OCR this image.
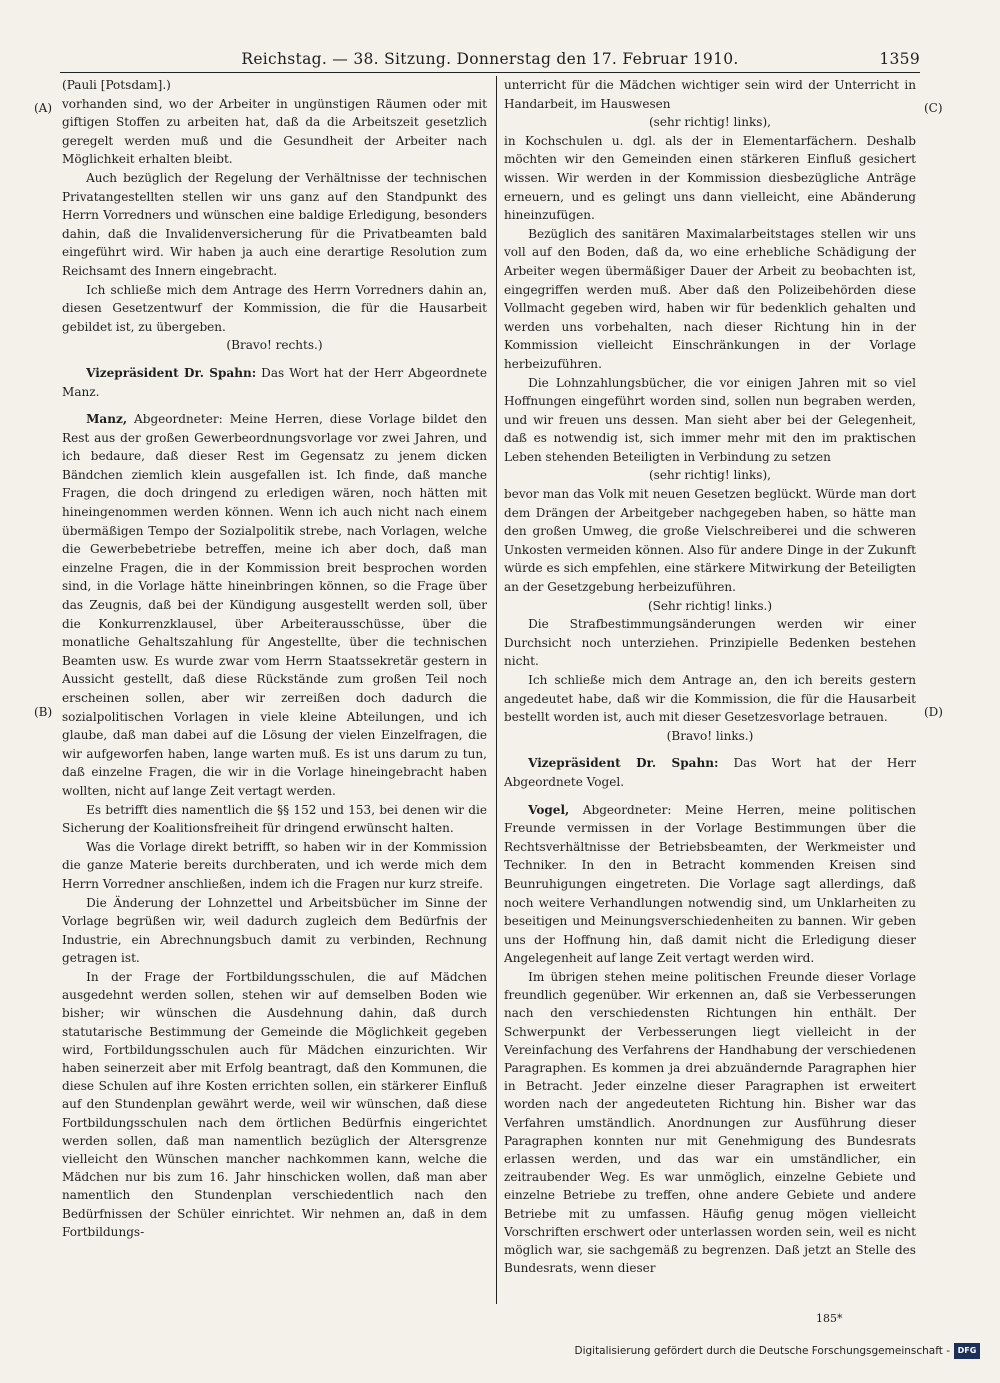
Reichstag. — 38. Sitzung. Donnerstag den 17. Februar 1910.	1359
(A)
(B)
(C)
(D)

(Pauli [Potsdam].)

vorhanden sind, wo der Arbeiter in ungünstigen Räumen oder mit giftigen Stoffen zu arbeiten hat, daß da die Arbeitszeit gesetzlich geregelt werden muß und die Gesundheit der Arbeiter nach Möglichkeit erhalten bleibt.

Auch bezüglich der Regelung der Verhältnisse der technischen Privatangestellten stellen wir uns ganz auf den Standpunkt des Herrn Vorredners und wünschen eine baldige Erledigung, besonders dahin, daß die Invalidenversicherung für die Privatbeamten bald eingeführt wird. Wir haben ja auch eine derartige Resolution zum Reichsamt des Innern eingebracht.

Ich schließe mich dem Antrage des Herrn Vorredners dahin an, diesen Gesetzentwurf der Kommission, die für die Hausarbeit gebildet ist, zu übergeben.

(Bravo! rechts.)

Vizepräsident Dr. Spahn: Das Wort hat der Herr Abgeordnete Manz.

Manz, Abgeordneter: Meine Herren, diese Vorlage bildet den Rest aus der großen Gewerbeordnungsvorlage vor zwei Jahren, und ich bedaure, daß dieser Rest im Gegensatz zu jenem dicken Bändchen ziemlich klein ausgefallen ist. Ich finde, daß manche Fragen, die doch dringend zu erledigen wären, noch hätten mit hineingenommen werden können. Wenn ich auch nicht nach einem übermäßigen Tempo der Sozialpolitik strebe, nach Vorlagen, welche die Gewerbebetriebe betreffen, meine ich aber doch, daß man einzelne Fragen, die in der Kommission breit besprochen worden sind, in die Vorlage hätte hineinbringen können, so die Frage über das Zeugnis, daß bei der Kündigung ausgestellt werden soll, über die Konkurrenzklausel, über Arbeiterausschüsse, über die monatliche Gehaltszahlung für Angestellte, über die technischen Beamten usw. Es wurde zwar vom Herrn Staatssekretär gestern in Aussicht gestellt, daß diese Rückstände zum großen Teil noch erscheinen sollen, aber wir zerreißen doch dadurch die sozialpolitischen Vorlagen in viele kleine Abteilungen, und ich glaube, daß man dabei auf die Lösung der vielen Einzelfragen, die wir aufgeworfen haben, lange warten muß. Es ist uns darum zu tun, daß einzelne Fragen, die wir in die Vorlage hineingebracht haben wollten, nicht auf lange Zeit vertagt werden.

Es betrifft dies namentlich die §§ 152 und 153, bei denen wir die Sicherung der Koalitionsfreiheit für dringend erwünscht halten.

Was die Vorlage direkt betrifft, so haben wir in der Kommission die ganze Materie bereits durchberaten, und ich werde mich dem Herrn Vorredner anschließen, indem ich die Fragen nur kurz streife.

Die Änderung der Lohnzettel und Arbeitsbücher im Sinne der Vorlage begrüßen wir, weil dadurch zugleich dem Bedürfnis der Industrie, ein Abrechnungsbuch damit zu verbinden, Rechnung getragen ist.

In der Frage der Fortbildungsschulen, die auf Mädchen ausgedehnt werden sollen, stehen wir auf demselben Boden wie bisher; wir wünschen die Ausdehnung dahin, daß durch statutarische Bestimmung der Gemeinde die Möglichkeit gegeben wird, Fortbildungsschulen auch für Mädchen einzurichten. Wir haben seinerzeit aber mit Erfolg beantragt, daß den Kommunen, die diese Schulen auf ihre Kosten errichten sollen, ein stärkerer Einfluß auf den Stundenplan gewährt werde, weil wir wünschen, daß diese Fortbildungsschulen nach dem örtlichen Bedürfnis eingerichtet werden sollen, daß man namentlich bezüglich der Altersgrenze vielleicht den Wünschen mancher nachkommen kann, welche die Mädchen nur bis zum 16. Jahr hinschicken wollen, daß man aber namentlich den Stundenplan verschiedentlich nach den Bedürfnissen der Schüler einrichtet. Wir nehmen an, daß in dem Fortbildungs-

unterricht für die Mädchen wichtiger sein wird der Unterricht in Handarbeit, im Hauswesen

(sehr richtig! links),

in Kochschulen u. dgl. als der in Elementarfächern. Deshalb möchten wir den Gemeinden einen stärkeren Einfluß gesichert wissen. Wir werden in der Kommission diesbezügliche Anträge erneuern, und es gelingt uns dann vielleicht, eine Abänderung hineinzufügen.

Bezüglich des sanitären Maximalarbeitstages stellen wir uns voll auf den Boden, daß da, wo eine erhebliche Schädigung der Arbeiter wegen übermäßiger Dauer der Arbeit zu beobachten ist, eingegriffen werden muß. Aber daß den Polizeibehörden diese Vollmacht gegeben wird, haben wir für bedenklich gehalten und werden uns vorbehalten, nach dieser Richtung hin in der Kommission vielleicht Einschränkungen in der Vorlage herbeizuführen.

Die Lohnzahlungsbücher, die vor einigen Jahren mit so viel Hoffnungen eingeführt worden sind, sollen nun begraben werden, und wir freuen uns dessen. Man sieht aber bei der Gelegenheit, daß es notwendig ist, sich immer mehr mit den im praktischen Leben stehenden Beteiligten in Verbindung zu setzen

(sehr richtig! links),

bevor man das Volk mit neuen Gesetzen beglückt. Würde man dort dem Drängen der Arbeitgeber nachgegeben haben, so hätte man den großen Umweg, die große Vielschreiberei und die schweren Unkosten vermeiden können. Also für andere Dinge in der Zukunft würde es sich empfehlen, eine stärkere Mitwirkung der Beteiligten an der Gesetzgebung herbeizuführen.

(Sehr richtig! links.)

Die Strafbestimmungsänderungen werden wir einer Durchsicht noch unterziehen. Prinzipielle Bedenken bestehen nicht.

Ich schließe mich dem Antrage an, den ich bereits gestern angedeutet habe, daß wir die Kommission, die für die Hausarbeit bestellt worden ist, auch mit dieser Gesetzesvorlage betrauen.

(Bravo! links.)

Vizepräsident Dr. Spahn: Das Wort hat der Herr Abgeordnete Vogel.

Vogel, Abgeordneter: Meine Herren, meine politischen Freunde vermissen in der Vorlage Bestimmungen über die Rechtsverhältnisse der Betriebsbeamten, der Werkmeister und Techniker. In den in Betracht kommenden Kreisen sind Beunruhigungen eingetreten. Die Vorlage sagt allerdings, daß noch weitere Verhandlungen notwendig sind, um Unklarheiten zu beseitigen und Meinungsverschiedenheiten zu bannen. Wir geben uns der Hoffnung hin, daß damit nicht die Erledigung dieser Angelegenheit auf lange Zeit vertagt werden wird.

Im übrigen stehen meine politischen Freunde dieser Vorlage freundlich gegenüber. Wir erkennen an, daß sie Verbesserungen nach den verschiedensten Richtungen hin enthält. Der Schwerpunkt der Verbesserungen liegt vielleicht in der Vereinfachung des Verfahrens der Handhabung der verschiedenen Paragraphen. Es kommen ja drei abzuändernde Paragraphen hier in Betracht. Jeder einzelne dieser Paragraphen ist erweitert worden nach der angedeuteten Richtung hin. Bisher war das Verfahren umständlich. Anordnungen zur Ausführung dieser Paragraphen konnten nur mit Genehmigung des Bundesrats erlassen werden, und das war ein umständlicher, ein zeitraubender Weg. Es war unmöglich, einzelne Gebiete und einzelne Betriebe zu treffen, ohne andere Gebiete und andere Betriebe mit zu umfassen. Häufig genug mögen vielleicht Vorschriften erschwert oder unterlassen worden sein, weil es nicht möglich war, sie sachgemäß zu begrenzen. Daß jetzt an Stelle des Bundesrats, wenn dieser

185*
Digitalisierung gefördert durch die Deutsche Forschungsgemeinschaft - DFG
